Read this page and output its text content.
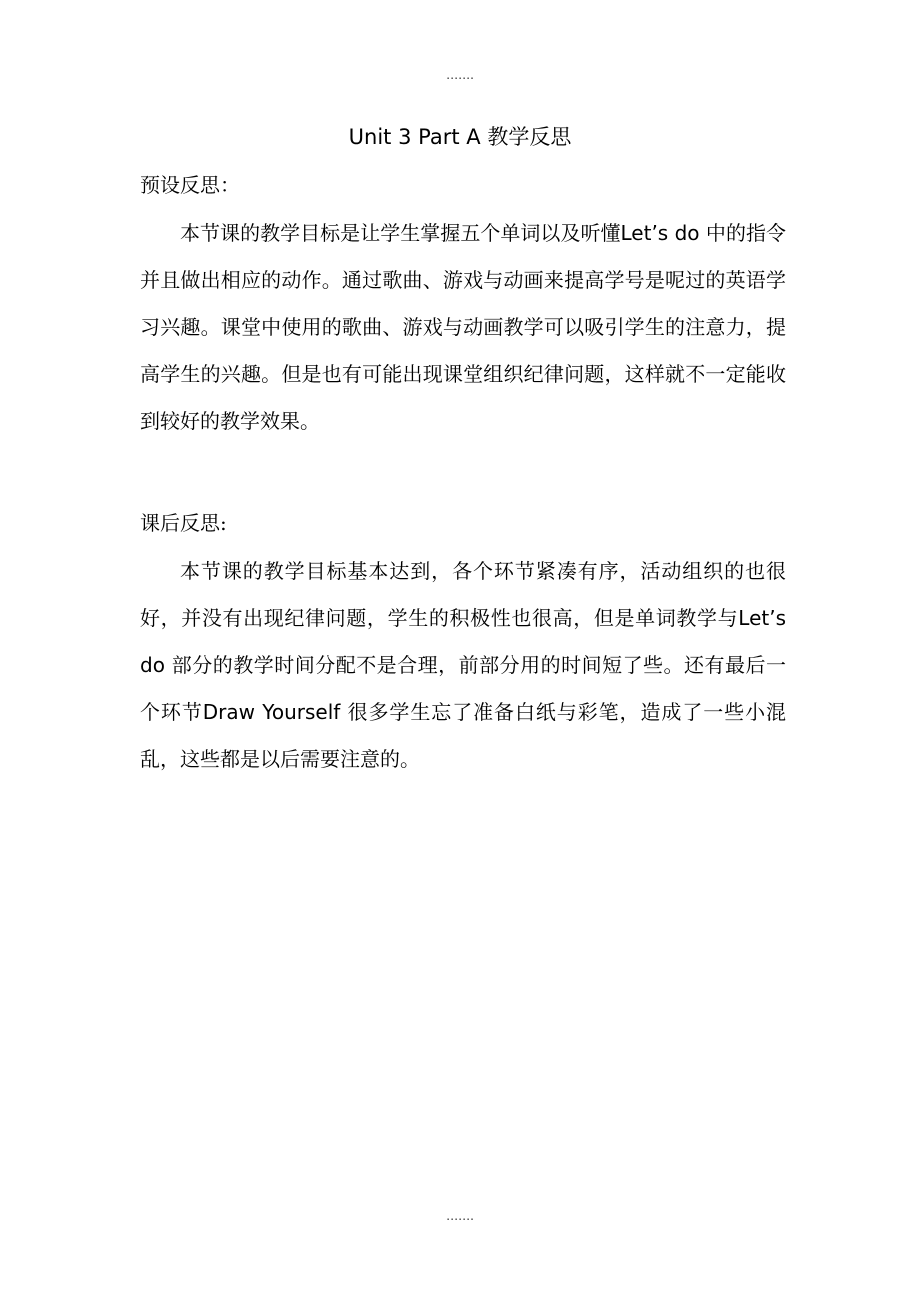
…….
Unit 3 Part A 教学反思
预设反思：
本节课的教学目标是让学生掌握五个单词以及听懂Let’s do 中的指令并且做出相应的动作。通过歌曲、游戏与动画来提高学号是呢过的英语学习兴趣。课堂中使用的歌曲、游戏与动画教学可以吸引学生的注意力，提高学生的兴趣。但是也有可能出现课堂组织纪律问题，这样就不一定能收到较好的教学效果。
课后反思:
本节课的教学目标基本达到，各个环节紧凑有序，活动组织的也很好，并没有出现纪律问题，学生的积极性也很高，但是单词教学与Let’s do 部分的教学时间分配不是合理，前部分用的时间短了些。还有最后一个环节Draw Yourself 很多学生忘了准备白纸与彩笔，造成了一些小混乱，这些都是以后需要注意的。
…….
